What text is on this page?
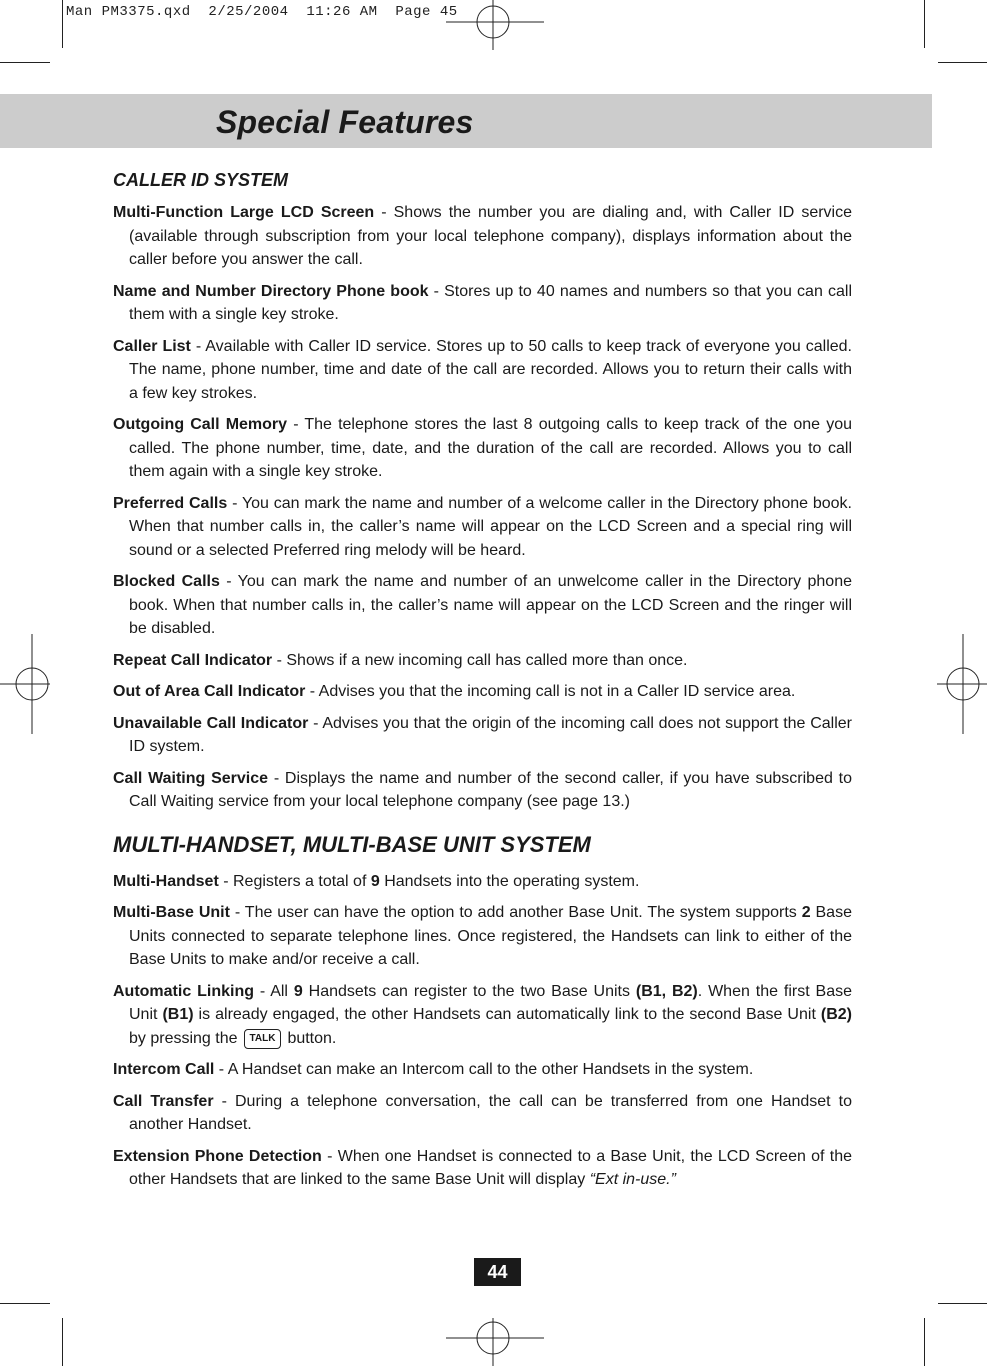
Man PM3375.qxd  2/25/2004  11:26 AM  Page 45
Special Features
CALLER ID SYSTEM

Multi-Function Large LCD Screen - Shows the number you are dialing and, with Caller ID service (available through subscription from your local telephone company), displays information about the caller before you answer the call.

Name and Number Directory Phone book - Stores up to 40 names and numbers so that you can call them with a single key stroke.

Caller List - Available with Caller ID service. Stores up to 50 calls to keep track of everyone you called. The name, phone number, time and date of the call are recorded. Allows you to return their calls with a few key strokes.

Outgoing Call Memory - The telephone stores the last 8 outgoing calls to keep track of the one you called. The phone number, time, date, and the duration of the call are recorded. Allows you to call them again with a single key stroke.

Preferred Calls - You can mark the name and number of a welcome caller in the Directory phone book. When that number calls in, the caller’s name will appear on the LCD Screen and a special ring will sound or a selected Preferred ring melody will be heard.

Blocked Calls - You can mark the name and number of an unwelcome caller in the Directory phone book. When that number calls in, the caller’s name will appear on the LCD Screen and the ringer will be disabled.

Repeat Call Indicator - Shows if a new incoming call has called more than once.

Out of Area Call Indicator - Advises you that the incoming call is not in a Caller ID service area.

Unavailable Call Indicator - Advises you that the origin of the incoming call does not support the Caller ID system.

Call Waiting Service - Displays the name and number of the second caller, if you have subscribed to Call Waiting service from your local telephone company (see page 13.)

MULTI-HANDSET, MULTI-BASE UNIT SYSTEM

Multi-Handset - Registers a total of 9 Handsets into the operating system.

Multi-Base Unit - The user can have the option to add another Base Unit. The system supports 2 Base Units connected to separate telephone lines. Once registered, the Handsets can link to either of the Base Units to make and/or receive a call.

Automatic Linking - All 9 Handsets can register to the two Base Units (B1, B2). When the first Base Unit (B1) is already engaged, the other Handsets can automatically link to the second Base Unit (B2) by pressing the TALK button.

Intercom Call - A Handset can make an Intercom call to the other Handsets in the system.

Call Transfer - During a telephone conversation, the call can be transferred from one Handset to another Handset.

Extension Phone Detection - When one Handset is connected to a Base Unit, the LCD Screen of the other Handsets that are linked to the same Base Unit will display “Ext in-use.”

44
